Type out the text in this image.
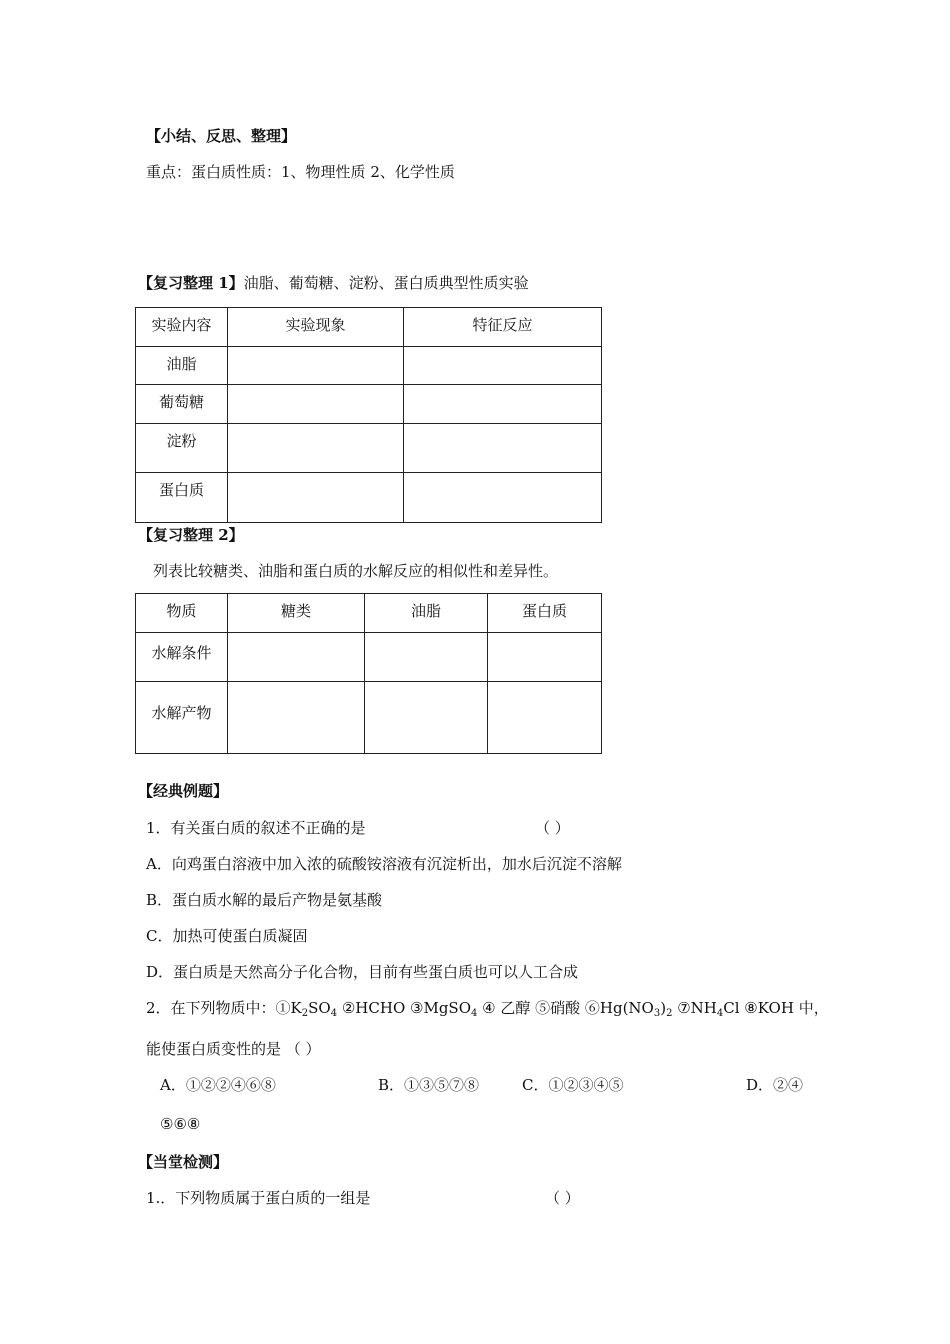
【小结、反思、整理】
重点：蛋白质性质：1、物理性质 2、化学性质
【复习整理 1】油脂、葡萄糖、淀粉、蛋白质典型性质实验
实验内容	实验现象	特征反应
油脂		
葡萄糖		
淀粉		
蛋白质		
【复习整理 2】
列表比较糖类、油脂和蛋白质的水解反应的相似性和差异性。
物质	糖类	油脂	蛋白质
水解条件			
水解产物			
【经典例题】
1．有关蛋白质的叙述不正确的是	（ ）
A．向鸡蛋白溶液中加入浓的硫酸铵溶液有沉淀析出，加水后沉淀不溶解
B．蛋白质水解的最后产物是氨基酸
C．加热可使蛋白质凝固
D．蛋白质是天然高分子化合物，目前有些蛋白质也可以人工合成
2．在下列物质中：$①K_2SO_4$ ②HCHO ③MgSO$_4$ ④ 乙醇 ⑤硝酸 $⑥Hg(NO_3)_2$ $⑦NH_4Cl$ ⑧KOH 中，
能使蛋白质变性的是 （ ）
A．①②②④⑥⑧	B．①③⑤⑦⑧	C．①②③④⑤	D．②④
⑤⑥⑧
【当堂检测】
1.．下列物质属于蛋白质的一组是	（ ）
